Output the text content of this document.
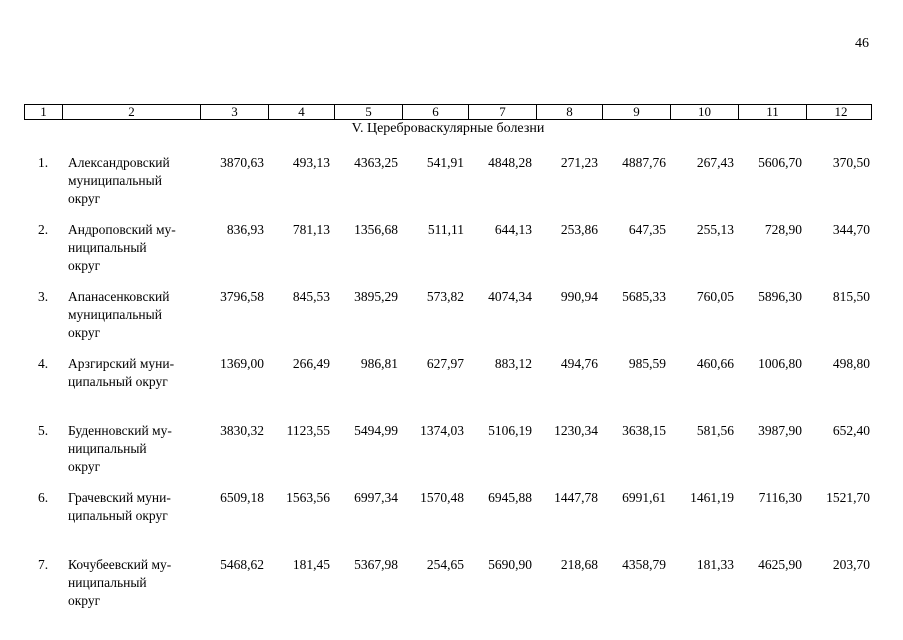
46
1	2	3	4	5	6	7	8	9	10	11	12
V. Цереброваскулярные болезни
1.	Александровский
муниципальный
округ
3870,63	493,13	4363,25	541,91	4848,28	271,23	4887,76	267,43	5606,70	370,50
2.	Андроповский му-
ниципальный
округ
836,93	781,13	1356,68	511,11	644,13	253,86	647,35	255,13	728,90	344,70
3.	Апанасенковский
муниципальный
округ
3796,58	845,53	3895,29	573,82	4074,34	990,94	5685,33	760,05	5896,30	815,50
4.	Арзгирский муни-
ципальный округ
1369,00	266,49	986,81	627,97	883,12	494,76	985,59	460,66	1006,80	498,80
5.	Буденновский му-
ниципальный
округ
3830,32	1123,55	5494,99	1374,03	5106,19	1230,34	3638,15	581,56	3987,90	652,40
6.	Грачевский муни-
ципальный округ
6509,18	1563,56	6997,34	1570,48	6945,88	1447,78	6991,61	1461,19	7116,30	1521,70
7.	Кочубеевский му-
ниципальный
округ
5468,62	181,45	5367,98	254,65	5690,90	218,68	4358,79	181,33	4625,90	203,70
